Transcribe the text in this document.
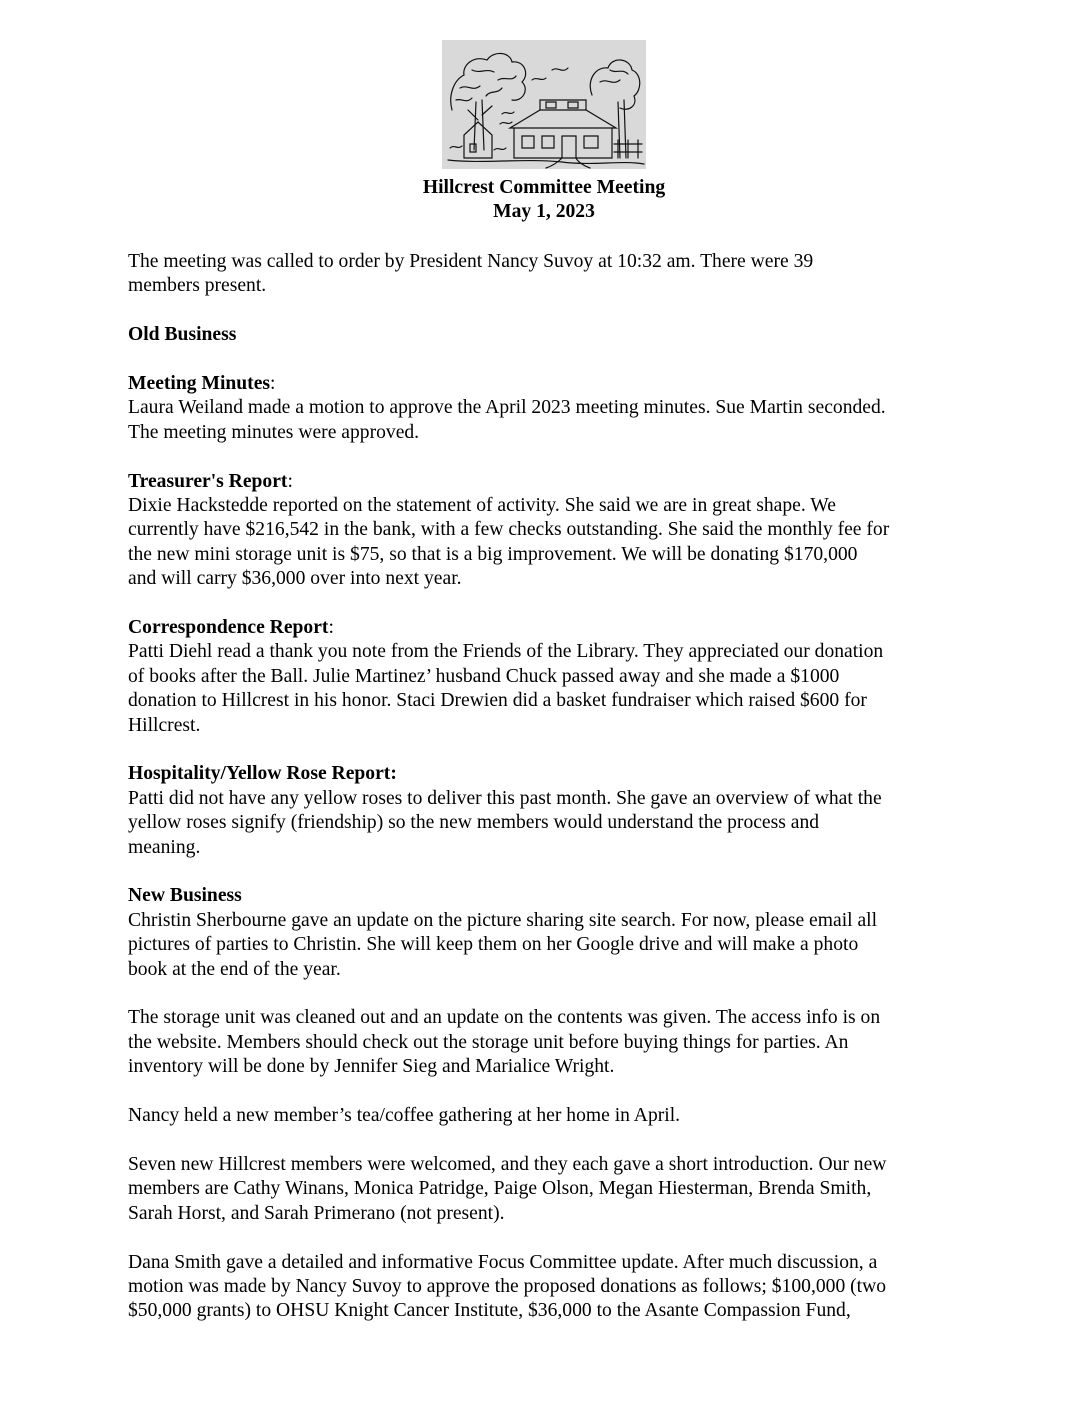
Hillcrest Committee Meeting
May 1, 2023

The meeting was called to order by President Nancy Suvoy at 10:32 am. There were 39
members present.

Old Business

Meeting Minutes:

Laura Weiland made a motion to approve the April 2023 meeting minutes. Sue Martin seconded.
The meeting minutes were approved.

Treasurer's Report:

Dixie Hackstedde reported on the statement of activity. She said we are in great shape. We
currently have $216,542 in the bank, with a few checks outstanding. She said the monthly fee for
the new mini storage unit is $75, so that is a big improvement. We will be donating $170,000
and will carry $36,000 over into next year.

Correspondence Report:

Patti Diehl read a thank you note from the Friends of the Library. They appreciated our donation
of books after the Ball. Julie Martinez’ husband Chuck passed away and she made a $1000
donation to Hillcrest in his honor. Staci Drewien did a basket fundraiser which raised $600 for
Hillcrest.

Hospitality/Yellow Rose Report:

Patti did not have any yellow roses to deliver this past month. She gave an overview of what the
yellow roses signify (friendship) so the new members would understand the process and
meaning.

New Business

Christin Sherbourne gave an update on the picture sharing site search. For now, please email all
pictures of parties to Christin. She will keep them on her Google drive and will make a photo
book at the end of the year.

The storage unit was cleaned out and an update on the contents was given. The access info is on
the website. Members should check out the storage unit before buying things for parties. An
inventory will be done by Jennifer Sieg and Marialice Wright.

Nancy held a new member’s tea/coffee gathering at her home in April.

Seven new Hillcrest members were welcomed, and they each gave a short introduction. Our new
members are Cathy Winans, Monica Patridge, Paige Olson, Megan Hiesterman, Brenda Smith,
Sarah Horst, and Sarah Primerano (not present).

Dana Smith gave a detailed and informative Focus Committee update. After much discussion, a
motion was made by Nancy Suvoy to approve the proposed donations as follows; $100,000 (two
$50,000 grants) to OHSU Knight Cancer Institute, $36,000 to the Asante Compassion Fund,
